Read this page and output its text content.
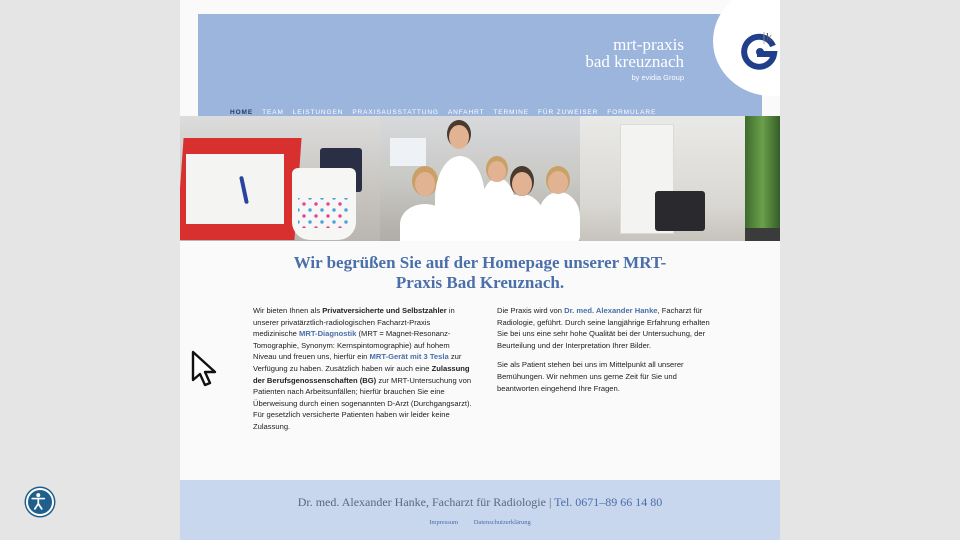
mrt-praxis
bad kreuznach
by evidia Group
k
HOME TEAM LEISTUNGEN PRAXISAUSSTATTUNG ANFAHRT TERMINE FÜR ZUWEISER FORMULARE
Wir begrüßen Sie auf der Homepage unserer MRT-
Praxis Bad Kreuznach.

Wir bieten Ihnen als Privatversicherte und Selbstzahler in unserer privatärztlich-radiologischen Facharzt-Praxis medizinische MRT-Diagnostik (MRT = Magnet-Resonanz-Tomographie, Synonym: Kernspintomographie) auf hohem Niveau und freuen uns, hierfür ein MRT-Gerät mit 3 Tesla zur Verfügung zu haben. Zusätzlich haben wir auch eine Zulassung der Berufsgenossenschaften (BG) zur MRT-Untersuchung von Patienten nach Arbeitsunfällen; hierfür brauchen Sie eine Überweisung durch einen sogenannten D-Arzt (Durchgangsarzt). Für gesetzlich versicherte Patienten haben wir leider keine Zulassung.

Die Praxis wird von Dr. med. Alexander Hanke, Facharzt für Radiologie, geführt. Durch seine langjährige Erfahrung erhalten Sie bei uns eine sehr hohe Qualität bei der Untersuchung, der Beurteilung und der Interpretation Ihrer Bilder.

Sie als Patient stehen bei uns im Mittelpunkt all unserer Bemühungen. Wir nehmen uns gerne Zeit für Sie und beantworten eingehend Ihre Fragen.

Dr. med. Alexander Hanke, Facharzt für Radiologie | Tel. 0671–89 66 14 80
Impressum Datenschutzerklärung
